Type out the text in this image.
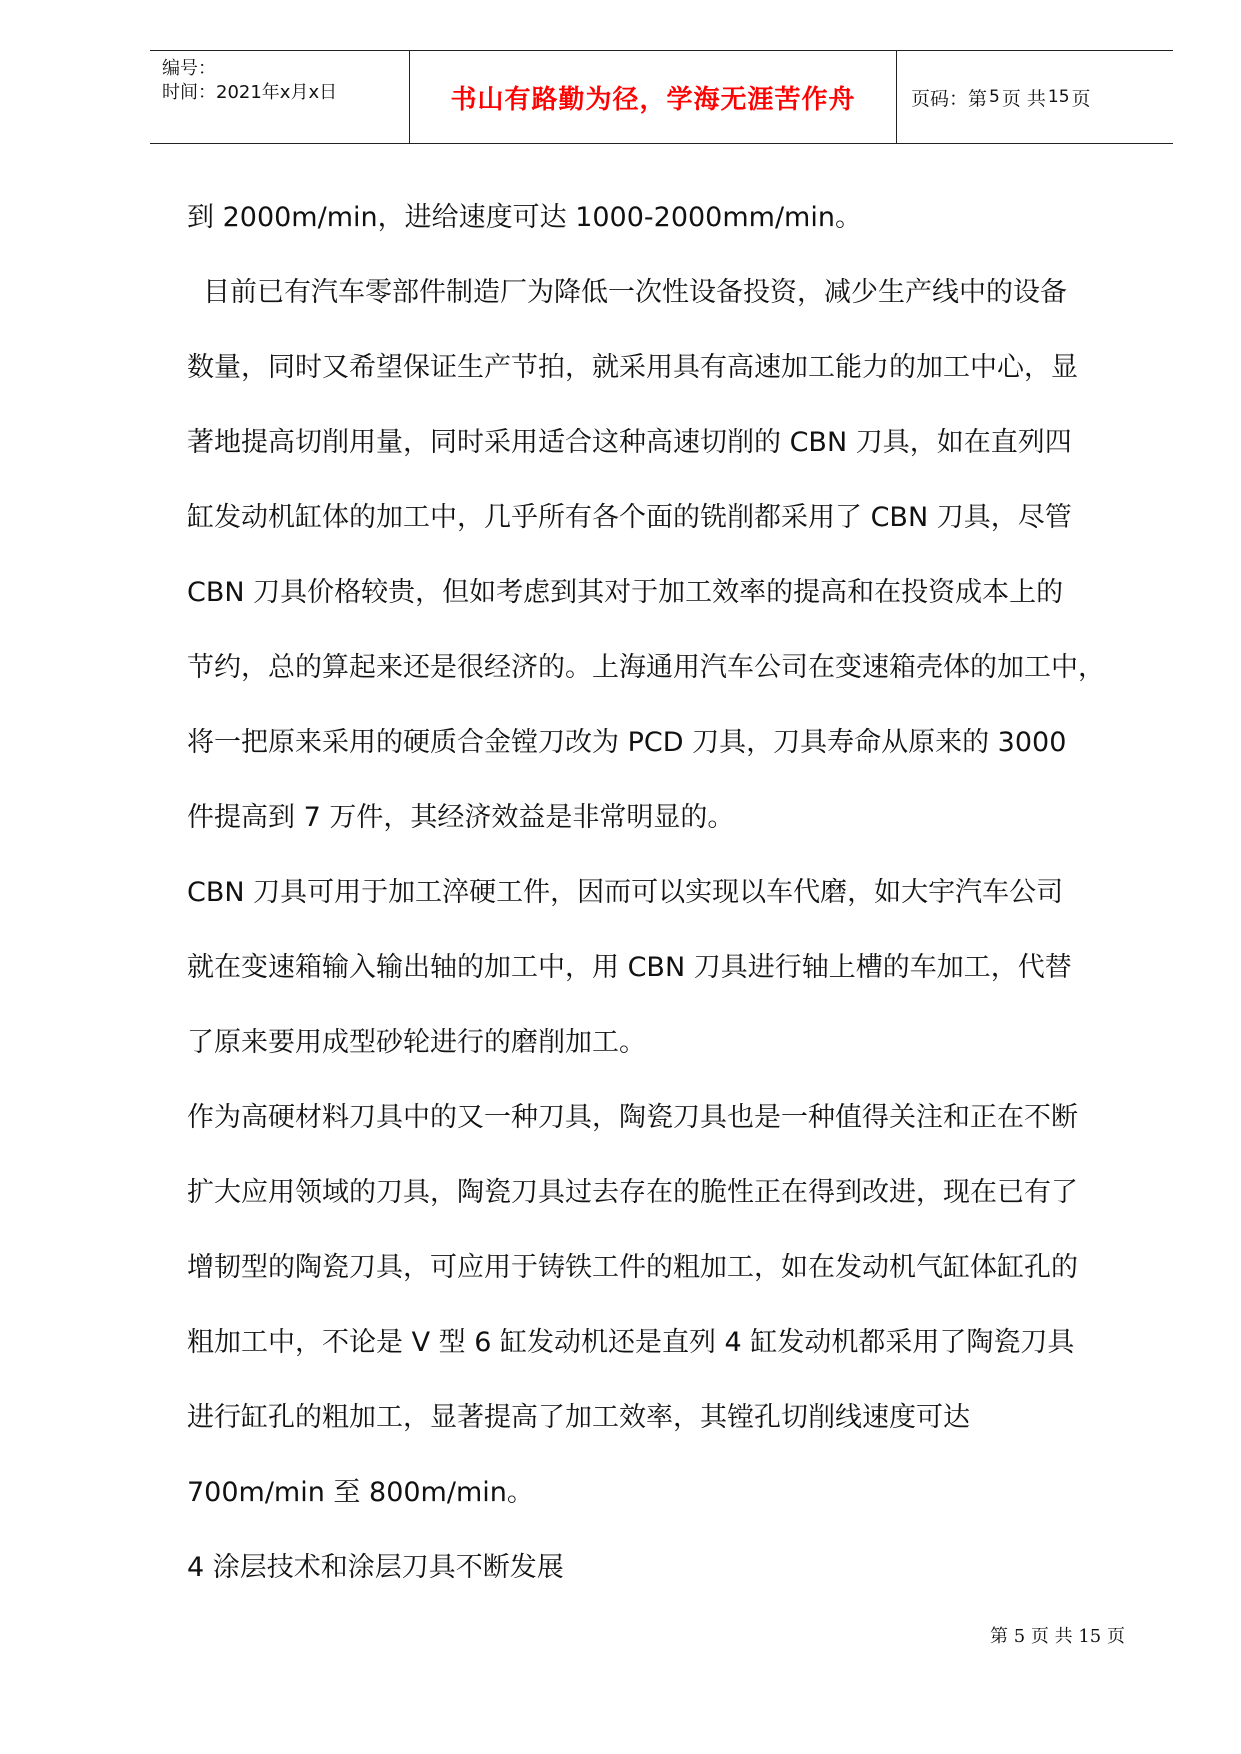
编号：
时间：2021年x月x日	书山有路勤为径，学海无涯苦作舟	页码：第 5 页 共 15 页
到 2000m/min，进给速度可达 1000-2000mm/min。
目前已有汽车零部件制造厂为降低一次性设备投资，减少生产线中的设备
数量，同时又希望保证生产节拍，就采用具有高速加工能力的加工中心，显
著地提高切削用量，同时采用适合这种高速切削的 CBN 刀具，如在直列四
缸发动机缸体的加工中，几乎所有各个面的铣削都采用了 CBN 刀具，尽管
CBN 刀具价格较贵，但如考虑到其对于加工效率的提高和在投资成本上的
节约，总的算起来还是很经济的。上海通用汽车公司在变速箱壳体的加工中，
将一把原来采用的硬质合金镗刀改为 PCD 刀具，刀具寿命从原来的 3000
件提高到 7 万件，其经济效益是非常明显的。
CBN 刀具可用于加工淬硬工件，因而可以实现以车代磨，如大宇汽车公司
就在变速箱输入输出轴的加工中，用 CBN 刀具进行轴上槽的车加工，代替
了原来要用成型砂轮进行的磨削加工。
作为高硬材料刀具中的又一种刀具，陶瓷刀具也是一种值得关注和正在不断
扩大应用领域的刀具，陶瓷刀具过去存在的脆性正在得到改进，现在已有了
增韧型的陶瓷刀具，可应用于铸铁工件的粗加工，如在发动机气缸体缸孔的
粗加工中，不论是 V 型 6 缸发动机还是直列 4 缸发动机都采用了陶瓷刀具
进行缸孔的粗加工，显著提高了加工效率，其镗孔切削线速度可达
700m/min 至 800m/min。
4 涂层技术和涂层刀具不断发展
第 5 页 共 15 页
